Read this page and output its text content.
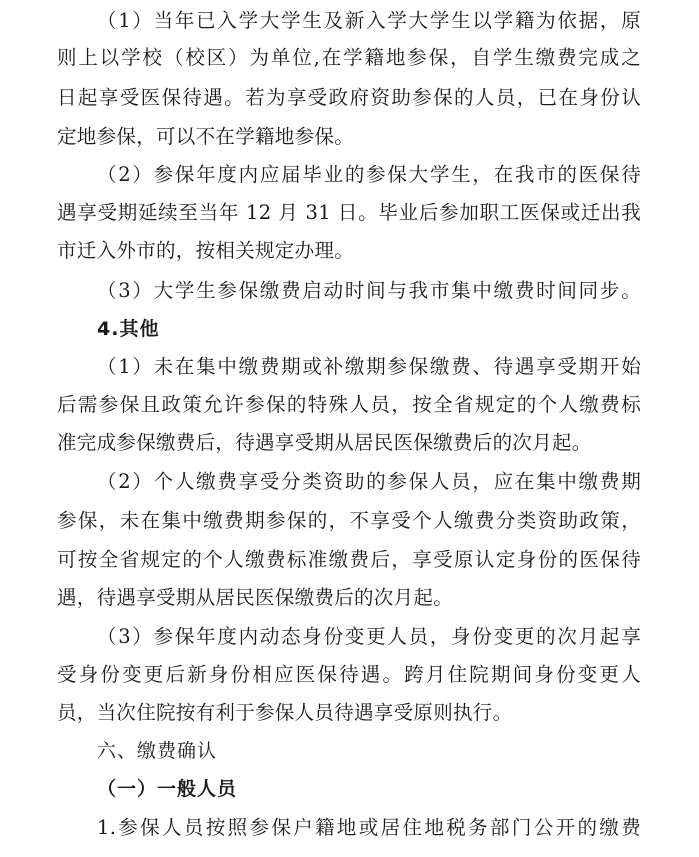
（1）当年已入学大学生及新入学大学生以学籍为依据，原
则上以学校（校区）为单位,在学籍地参保，自学生缴费完成之
日起享受医保待遇。若为享受政府资助参保的人员，已在身份认
定地参保，可以不在学籍地参保。
（2）参保年度内应届毕业的参保大学生，在我市的医保待
遇享受期延续至当年 12 月 31 日。毕业后参加职工医保或迁出我
市迁入外市的，按相关规定办理。
（3）大学生参保缴费启动时间与我市集中缴费时间同步。
4.其他
（1）未在集中缴费期或补缴期参保缴费、待遇享受期开始
后需参保且政策允许参保的特殊人员，按全省规定的个人缴费标
准完成参保缴费后，待遇享受期从居民医保缴费后的次月起。
（2）个人缴费享受分类资助的参保人员，应在集中缴费期
参保，未在集中缴费期参保的，不享受个人缴费分类资助政策，
可按全省规定的个人缴费标准缴费后，享受原认定身份的医保待
遇，待遇享受期从居民医保缴费后的次月起。
（3）参保年度内动态身份变更人员，身份变更的次月起享
受身份变更后新身份相应医保待遇。跨月住院期间身份变更人
员，当次住院按有利于参保人员待遇享受原则执行。
六、缴费确认
（一）一般人员
1.参保人员按照参保户籍地或居住地税务部门公开的缴费
